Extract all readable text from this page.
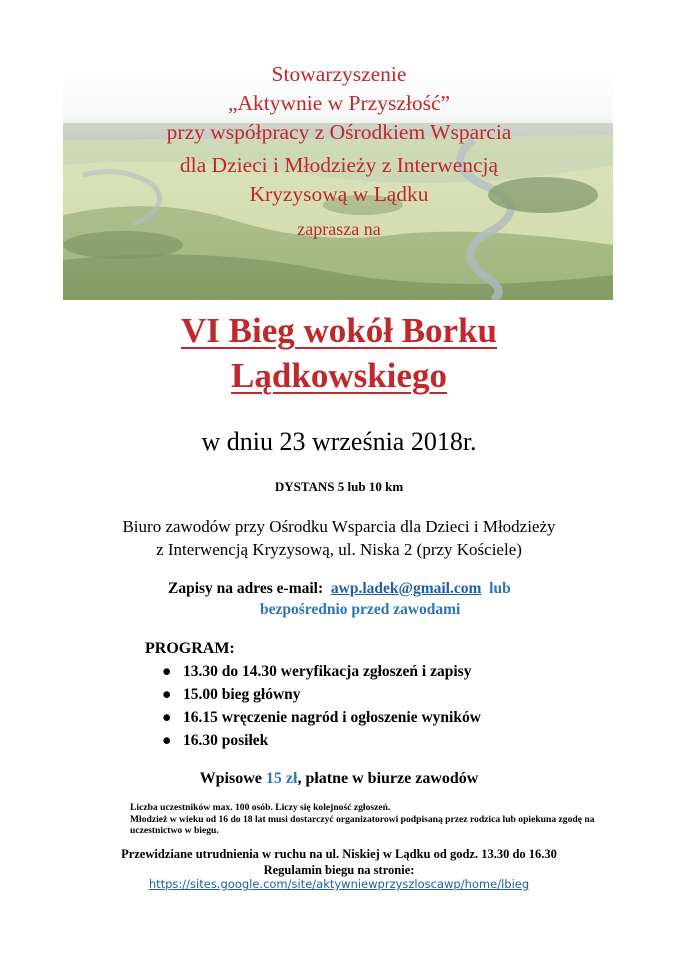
Stowarzyszenie
„Aktywnie w Przyszłość”
przy współpracy z Ośrodkiem Wsparcia
dla Dzieci i Młodzieży z Interwencją
Kryzysową w Lądku
zaprasza na
VI Bieg wokół Borku
Lądkowskiego
w dniu 23 września 2018r.
DYSTANS 5 lub 10 km
Biuro zawodów przy Ośrodku Wsparcia dla Dzieci i Młodzieży
z Interwencją Kryzysową, ul. Niska 2 (przy Kościele)
Zapisy na adres e-mail: awp.ladek@gmail.com lub
bezpośrednio przed zawodami
PROGRAM:
● 13.30 do 14.30 weryfikacja zgłoszeń i zapisy
● 15.00 bieg główny
● 16.15 wręczenie nagród i ogłoszenie wyników
● 16.30 posiłek
Wpisowe 15 zł, płatne w biurze zawodów
Liczba uczestników max. 100 osób. Liczy się kolejność zgłoszeń.
Młodzież w wieku od 16 do 18 lat musi dostarczyć organizatorowi podpisaną przez rodzica lub opiekuna zgodę na uczestnictwo w biegu.
Przewidziane utrudnienia w ruchu na ul. Niskiej w Lądku od godz. 13.30 do 16.30
Regulamin biegu na stronie:
https://sites.google.com/site/aktywniewprzyszloscawp/home/lbieg
